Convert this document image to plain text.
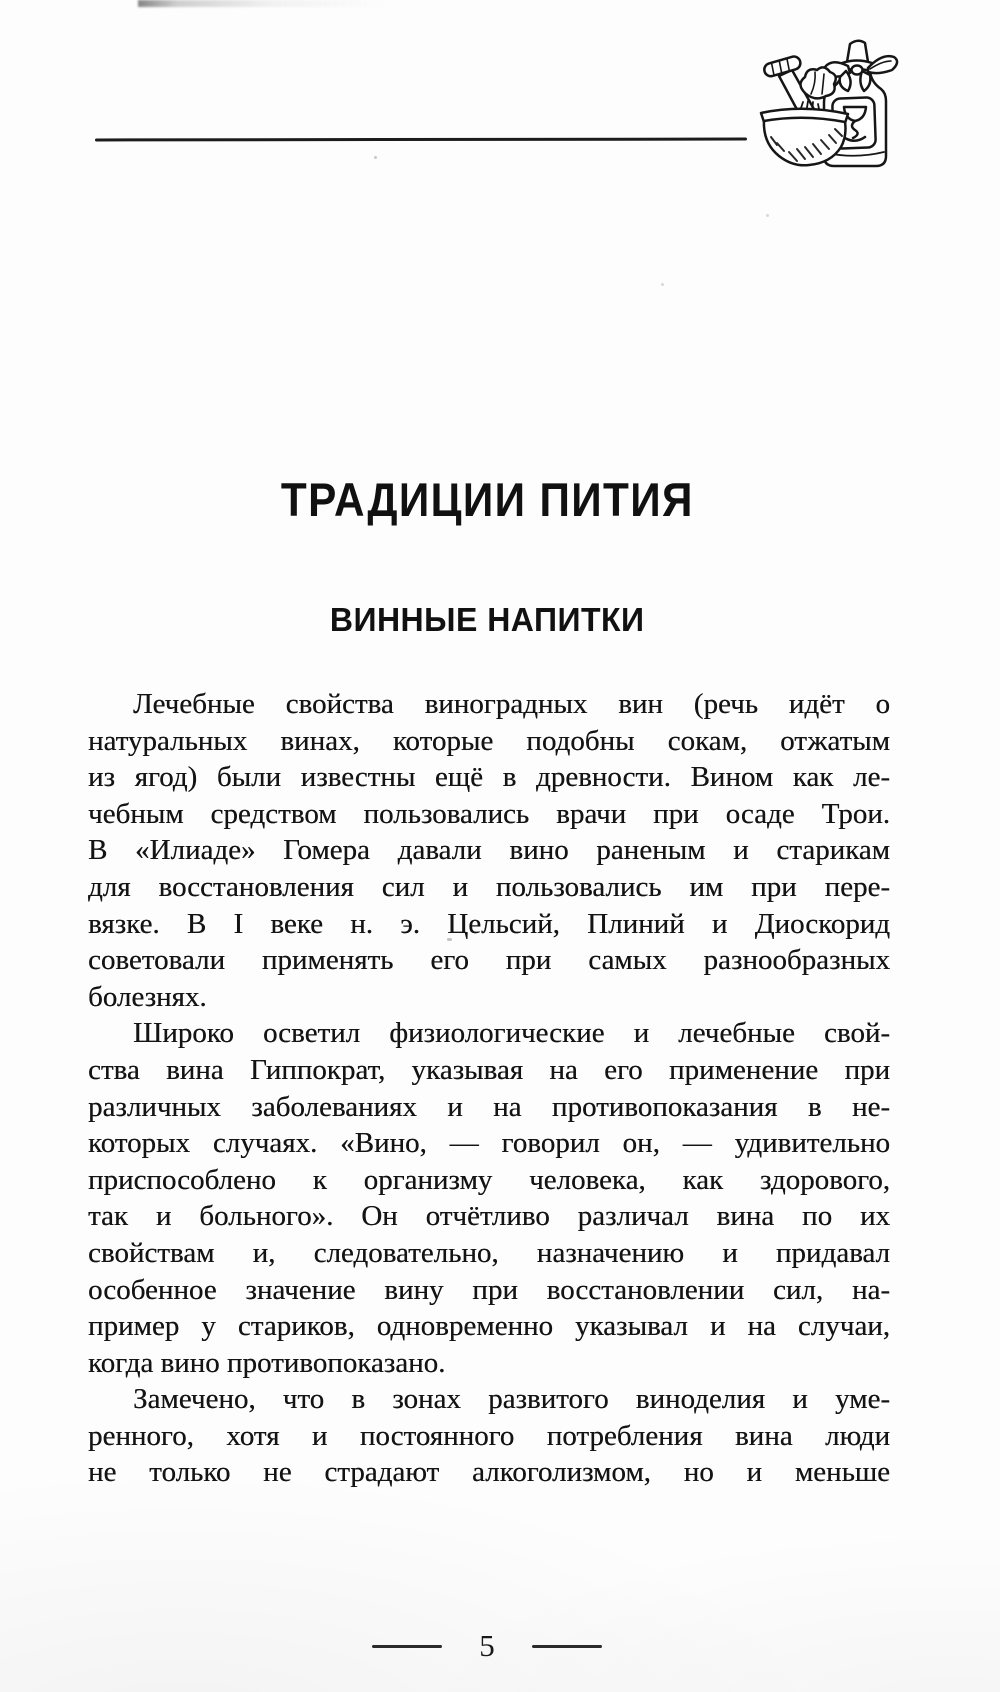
ТРАДИЦИИ ПИТИЯ
ВИННЫЕ НАПИТКИ
Лечебные свойства виноградных вин (речь идёт о
натуральных винах, которые подобны сокам, отжатым
из ягод) были известны ещё в древности. Вином как ле-
чебным средством пользовались врачи при осаде Трои.
В «Илиаде» Гомера давали вино раненым и старикам
для восстановления сил и пользовались им при пере-
вязке. В I веке н. э. Цельсий, Плиний и Диоскорид
советовали применять его при самых разнообразных
болезнях.
Широко осветил физиологические и лечебные свой-
ства вина Гиппократ, указывая на его применение при
различных заболеваниях и на противопоказания в не-
которых случаях. «Вино, — говорил он, — удивительно
приспособлено к организму человека, как здорового,
так и больного». Он отчётливо различал вина по их
свойствам и, следовательно, назначению и придавал
особенное значение вину при восстановлении сил, на-
пример у стариков, одновременно указывал и на случаи,
когда вино противопоказано.
Замечено, что в зонах развитого виноделия и уме-
ренного, хотя и постоянного потребления вина люди
не только не страдают алкоголизмом, но и меньше
5
